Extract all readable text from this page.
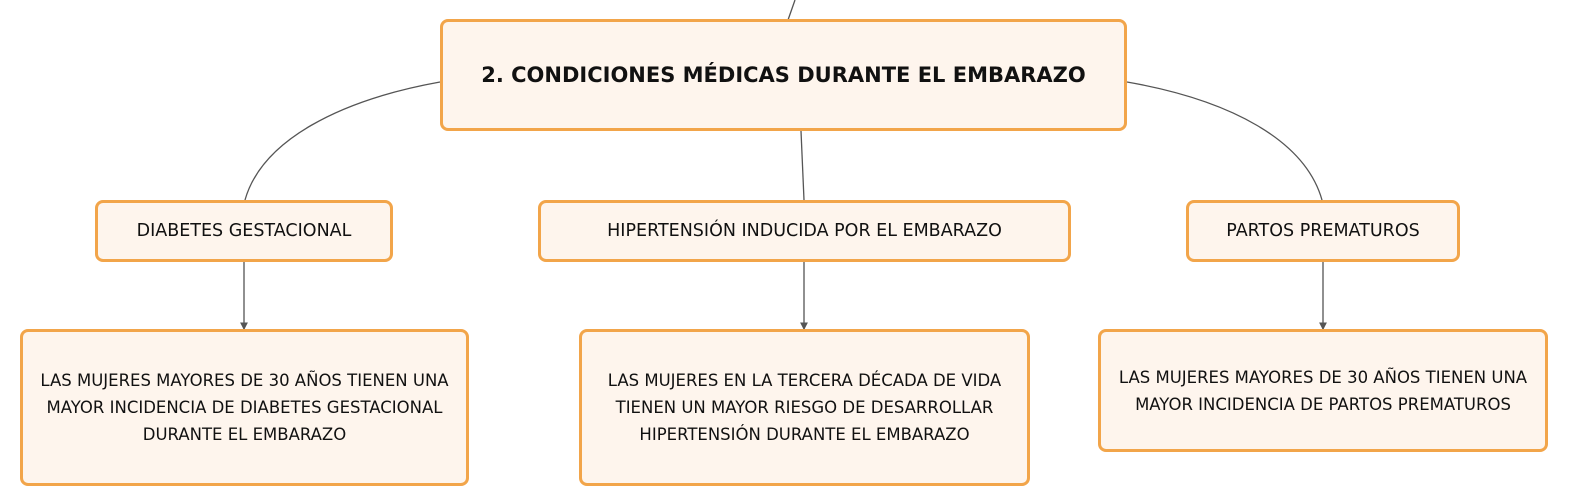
2. CONDICIONES MÉDICAS DURANTE EL EMBARAZO
DIABETES GESTACIONAL	HIPERTENSIÓN INDUCIDA POR EL EMBARAZO	PARTOS PREMATUROS
LAS MUJERES MAYORES DE 30 AÑOS TIENEN UNA MAYOR INCIDENCIA DE DIABETES GESTACIONAL DURANTE EL EMBARAZO
LAS MUJERES EN LA TERCERA DÉCADA DE VIDA TIENEN UN MAYOR RIESGO DE DESARROLLAR HIPERTENSIÓN DURANTE EL EMBARAZO
LAS MUJERES MAYORES DE 30 AÑOS TIENEN UNA MAYOR INCIDENCIA DE PARTOS PREMATUROS
